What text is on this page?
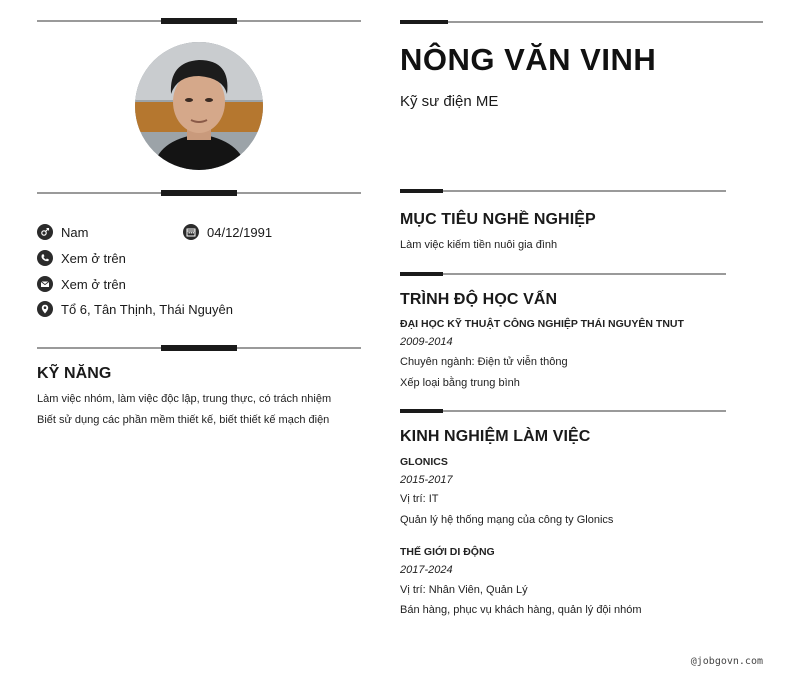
Nam	04/12/1991
Xem ở trên
Xem ở trên
Tổ 6, Tân Thịnh, Thái Nguyên
KỸ NĂNG
Làm việc nhóm, làm việc độc lập, trung thực, có trách nhiệm
Biết sử dụng các phần mềm thiết kế, biết thiết kế mạch điện
NÔNG VĂN VINH
Kỹ sư điện ME
MỤC TIÊU NGHỀ NGHIỆP
Làm việc kiếm tiền nuôi gia đình
TRÌNH ĐỘ HỌC VẤN
ĐẠI HỌC KỸ THUẬT CÔNG NGHIỆP THÁI NGUYÊN TNUT
2009-2014
Chuyên ngành: Điện tử viễn thông
Xếp loại bằng trung bình
KINH NGHIỆM LÀM VIỆC
GLONICS
2015-2017
Vị trí: IT
Quản lý hệ thống mạng của công ty Glonics
THẾ GIỚI DI ĐỘNG
2017-2024
Vị trí: Nhân Viên, Quản Lý
Bán hàng, phục vụ khách hàng, quản lý đội nhóm
@jobgovn.com
